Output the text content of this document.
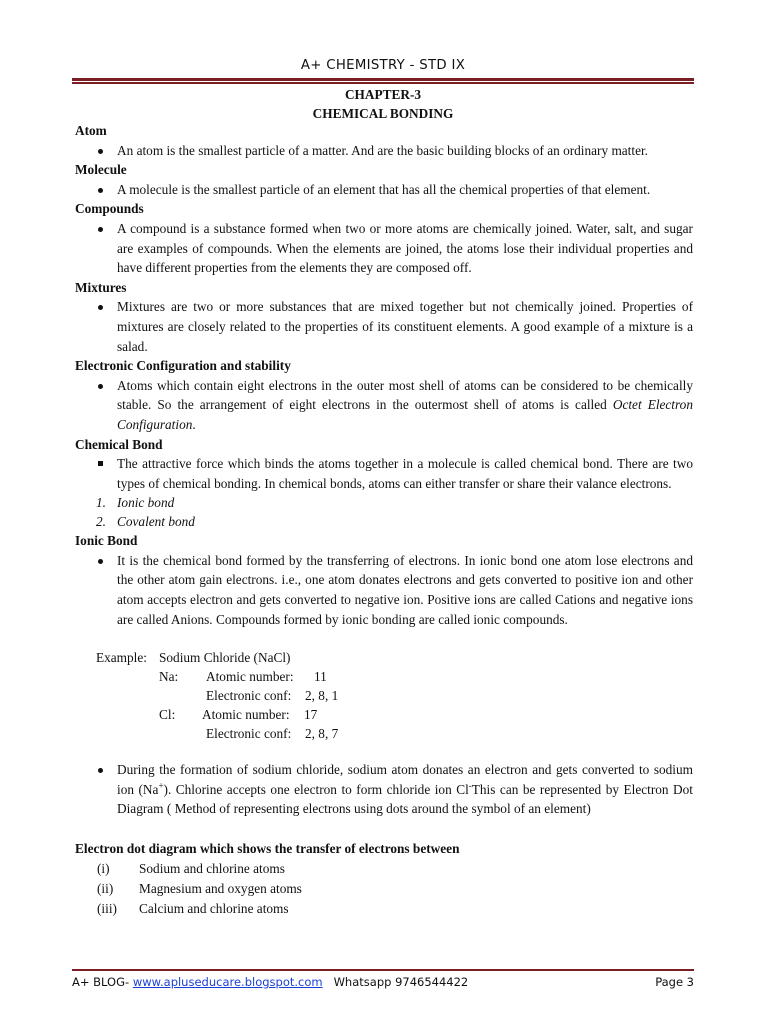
A+ CHEMISTRY - STD IX
CHAPTER-3
CHEMICAL BONDING
Atom
An atom is the smallest particle of a matter. And are the basic building blocks of an ordinary matter.
Molecule
A molecule is the smallest particle of an element that has all the chemical properties of that element.
Compounds
A compound is a substance formed when two or more atoms are chemically joined. Water, salt, and sugar are examples of compounds. When the elements are joined, the atoms lose their individual properties and have different properties from the elements they are composed off.
Mixtures
Mixtures are two or more substances that are mixed together but not chemically joined. Properties of mixtures are closely related to the properties of its constituent elements. A good example of a mixture is a salad.
Electronic Configuration and stability
Atoms which contain eight electrons in the outer most shell of atoms can be considered to be chemically stable. So the arrangement of eight electrons in the outermost shell of atoms is called Octet Electron Configuration.
Chemical Bond
The attractive force which binds the atoms together in a molecule is called chemical bond. There are two types of chemical bonding. In chemical bonds, atoms can either transfer or share their valance electrons.
1. Ionic bond
2. Covalent bond
Ionic Bond
It is the chemical bond formed by the transferring of electrons. In ionic bond one atom lose electrons and the other atom gain electrons. i.e., one atom donates electrons and gets converted to positive ion and other atom accepts electron and gets converted to negative ion. Positive ions are called Cations and negative ions are called Anions. Compounds formed by ionic bonding are called ionic compounds.
Example: Sodium Chloride (NaCl)
Na: Atomic number: 11
Electronic conf: 2, 8, 1
Cl: Atomic number: 17
Electronic conf: 2, 8, 7
During the formation of sodium chloride, sodium atom donates an electron and gets converted to sodium ion (Na+). Chlorine accepts one electron to form chloride ion Cl-This can be represented by Electron Dot Diagram ( Method of representing electrons using dots around the symbol of an element)
Electron dot diagram which shows the transfer of electrons between
(i)	Sodium and chlorine atoms
(ii)	Magnesium and oxygen atoms
(iii)	Calcium and chlorine atoms
A+ BLOG-
www.apluseducare.blogspot.com
Whatsapp 9746544422	Page 3
